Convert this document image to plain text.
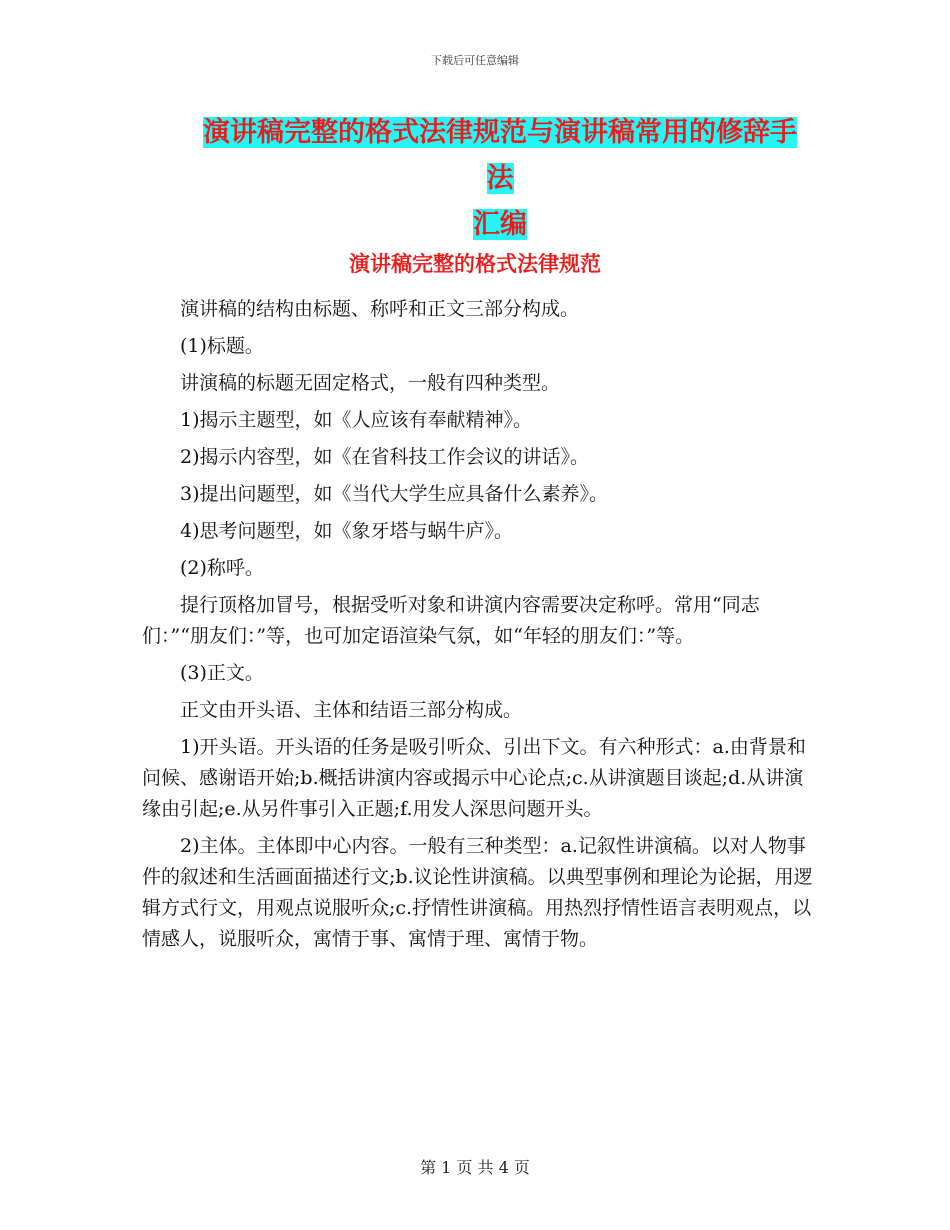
下载后可任意编辑
演讲稿完整的格式法律规范与演讲稿常用的修辞手法
汇编
演讲稿完整的格式法律规范

演讲稿的结构由标题、称呼和正文三部分构成。

(1)标题。

讲演稿的标题无固定格式，一般有四种类型。

1)揭示主题型，如《人应该有奉献精神》。

2)揭示内容型，如《在省科技工作会议的讲话》。

3)提出问题型，如《当代大学生应具备什么素养》。

4)思考问题型，如《象牙塔与蜗牛庐》。

(2)称呼。

提行顶格加冒号，根据受听对象和讲演内容需要决定称呼。常用“同志们：”“朋友们：”等，也可加定语渲染气氛，如“年轻的朋友们：”等。

(3)正文。

正文由开头语、主体和结语三部分构成。

1)开头语。开头语的任务是吸引听众、引出下文。有六种形式：a.由背景和问候、感谢语开始;b.概括讲演内容或揭示中心论点;c.从讲演题目谈起;d.从讲演缘由引起;e.从另件事引入正题;f.用发人深思问题开头。

2)主体。主体即中心内容。一般有三种类型：a.记叙性讲演稿。以对人物事件的叙述和生活画面描述行文;b.议论性讲演稿。以典型事例和理论为论据，用逻辑方式行文，用观点说服听众;c.抒情性讲演稿。用热烈抒情性语言表明观点，以情感人，说服听众，寓情于事、寓情于理、寓情于物。

第 1 页 共 4 页
